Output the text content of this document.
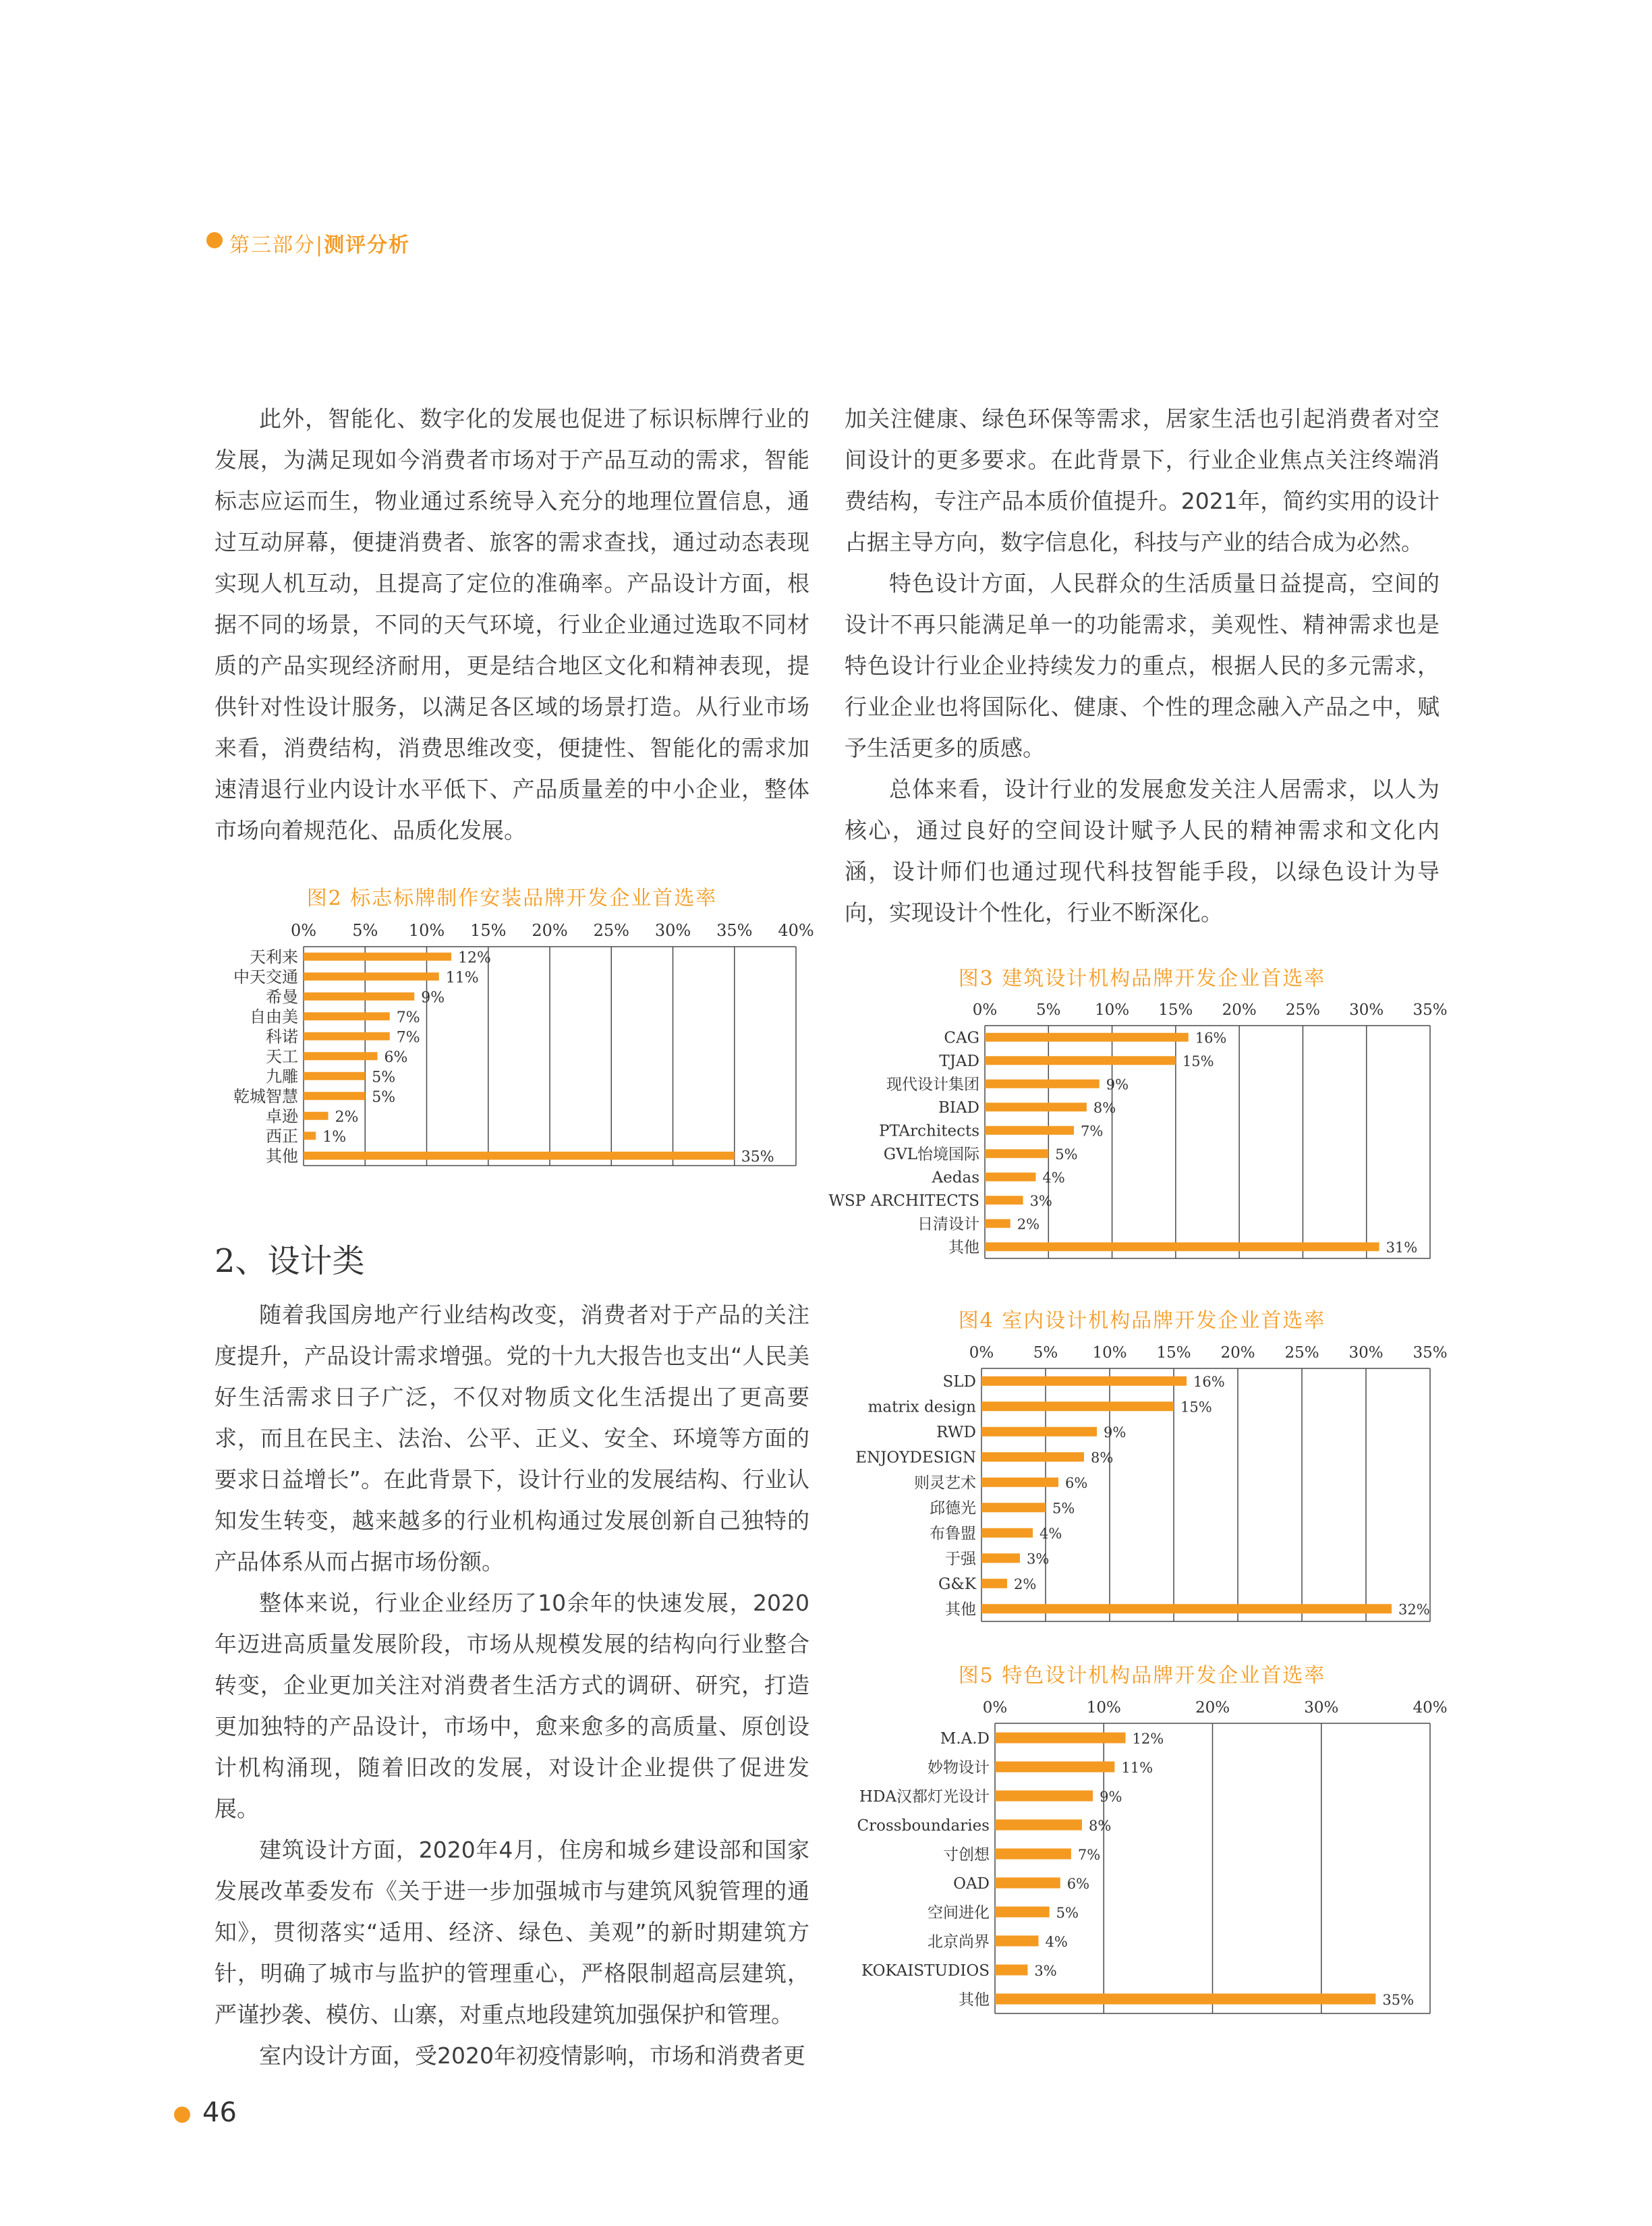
第三部分|测评分析

此外，智能化、数字化的发展也促进了标识标牌行业的发展，为满足现如今消费者市场对于产品互动的需求，智能标志应运而生，物业通过系统导入充分的地理位置信息，通过互动屏幕，便捷消费者、旅客的需求查找，通过动态表现实现人机互动，且提高了定位的准确率。产品设计方面，根据不同的场景，不同的天气环境，行业企业通过选取不同材质的产品实现经济耐用，更是结合地区文化和精神表现，提供针对性设计服务，以满足各区域的场景打造。从行业市场来看，消费结构，消费思维改变，便捷性、智能化的需求加速清退行业内设计水平低下、产品质量差的中小企业，整体市场向着规范化、品质化发展。

图2 标志标牌制作安装品牌开发企业首选率
0% 5% 10% 15% 20% 25% 30% 35% 40%
天利来	12%
中天交通	11%
希曼	9%
自由美	7%
科诺	7%
天工	6%
九雕	5%
乾城智慧	5%
卓逊 2%
西正 1%
其他	35%
2、设计类

随着我国房地产行业结构改变，消费者对于产品的关注度提升，产品设计需求增强。党的十九大报告也支出“人民美好生活需求日子广泛，不仅对物质文化生活提出了更高要求，而且在民主、法治、公平、正义、安全、环境等方面的要求日益增长”。在此背景下，设计行业的发展结构、行业认知发生转变，越来越多的行业机构通过发展创新自己独特的产品体系从而占据市场份额。

整体来说，行业企业经历了10余年的快速发展，2020年迈进高质量发展阶段，市场从规模发展的结构向行业整合转变，企业更加关注对消费者生活方式的调研、研究，打造更加独特的产品设计，市场中，愈来愈多的高质量、原创设计机构涌现，随着旧改的发展，对设计企业提供了促进发展。

建筑设计方面，2020年4月，住房和城乡建设部和国家发展改革委发布《关于进一步加强城市与建筑风貌管理的通知》，贯彻落实“适用、经济、绿色、美观”的新时期建筑方针，明确了城市与监护的管理重心，严格限制超高层建筑，严谨抄袭、模仿、山寨，对重点地段建筑加强保护和管理。

室内设计方面，受2020年初疫情影响，市场和消费者更

加关注健康、绿色环保等需求，居家生活也引起消费者对空间设计的更多要求。在此背景下，行业企业焦点关注终端消费结构，专注产品本质价值提升。2021年，简约实用的设计占据主导方向，数字信息化，科技与产业的结合成为必然。

特色设计方面，人民群众的生活质量日益提高，空间的设计不再只能满足单一的功能需求，美观性、精神需求也是特色设计行业企业持续发力的重点，根据人民的多元需求，行业企业也将国际化、健康、个性的理念融入产品之中，赋予生活更多的质感。

总体来看，设计行业的发展愈发关注人居需求，以人为核心，通过良好的空间设计赋予人民的精神需求和文化内涵，设计师们也通过现代科技智能手段，以绿色设计为导向，实现设计个性化，行业不断深化。

图3 建筑设计机构品牌开发企业首选率
0%	5% 10% 15% 20% 25% 30% 35%
CAG	16%
TJAD	15%
现代设计集团	9%
BIAD	8%
PTArchitects	7%
GVL怡境国际	5%
Aedas	4%
WSP ARCHITECTS	3%
日清设计	2%
其他	31%
图4 室内设计机构品牌开发企业首选率
0%	5% 10% 15% 20% 25% 30% 35%
SLD	16%
matrix design	15%
RWD	9%
ENJOYDESIGN	8%
则灵艺术	6%
邱德光	5%
布鲁盟	4%
于强	3%
G&K	2%
其他	32%
图5 特色设计机构品牌开发企业首选率
0%	10%	20%	30%	40%
M.A.D	12%
妙物设计	11%
HDA汉都灯光设计	9%
Crossboundaries	8%
寸创想	7%
OAD	6%
空间进化	5%
北京尚界	4%
KOKAISTUDIOS	3%
其他	35%
46
